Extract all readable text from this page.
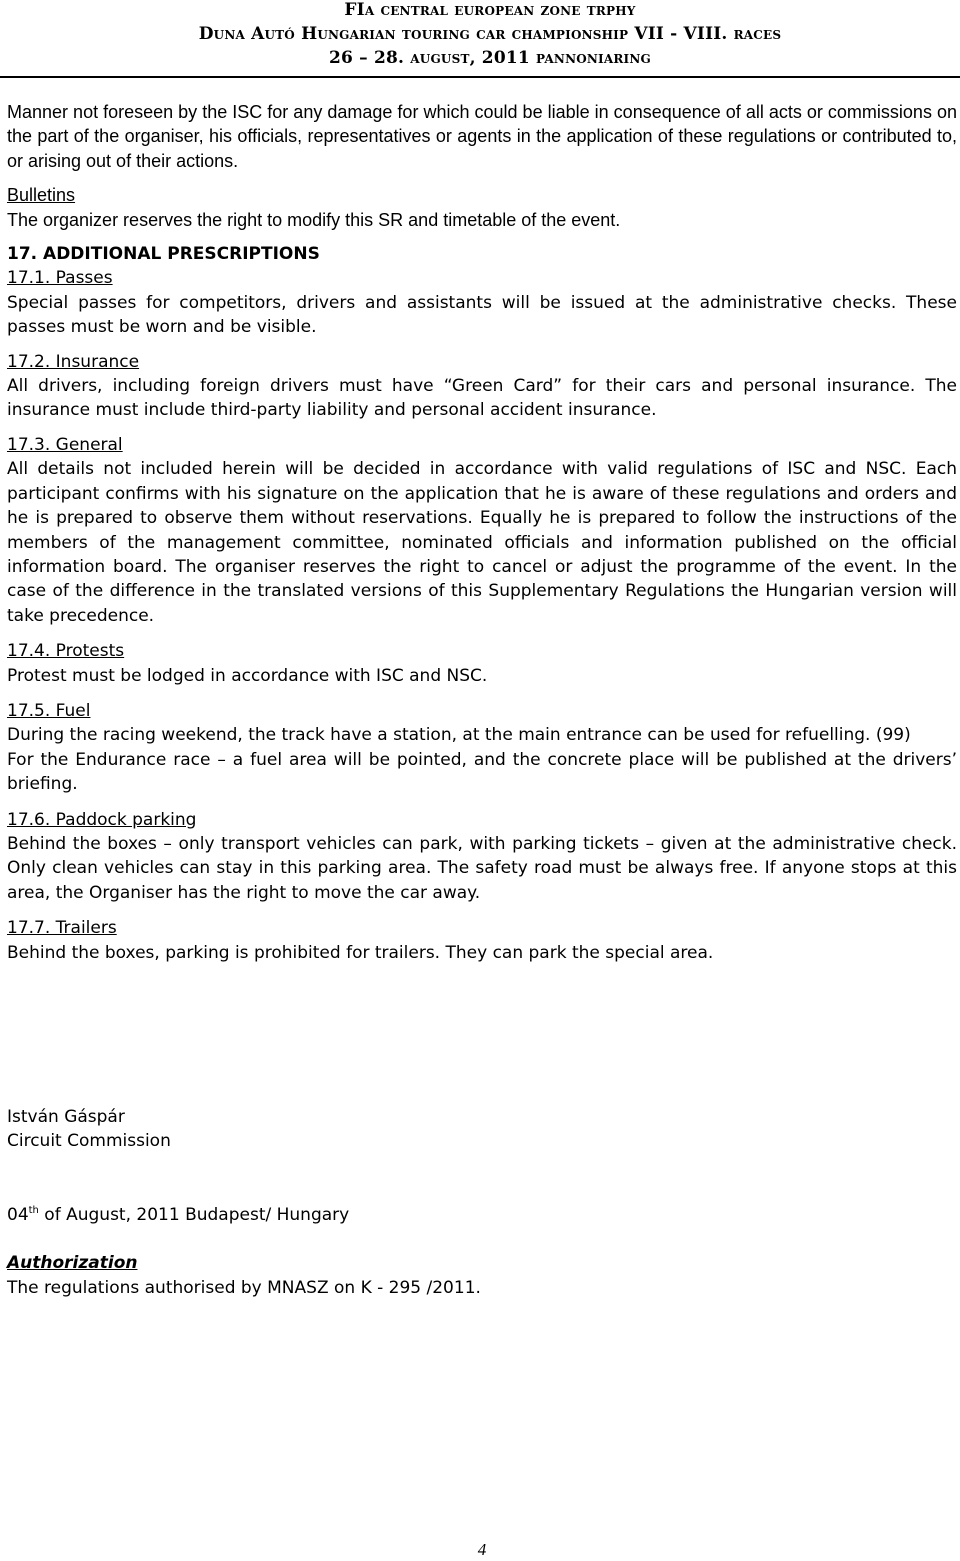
FIa central european zone trphy
Duna Autó Hungarian touring car championship VII - VIII. races
26 – 28. august, 2011 pannoniaring

Manner not foreseen by the ISC for any damage for which could be liable in consequence of all acts or commissions on the part of the organiser, his officials, representatives or agents in the application of these regulations or contributed to, or arising out of their actions.

Bulletins

The organizer reserves the right to modify this SR and timetable of the event.

17. ADDITIONAL PRESCRIPTIONS

17.1. Passes

Special passes for competitors, drivers and assistants will be issued at the administrative checks. These passes must be worn and be visible.

17.2. Insurance

All drivers, including foreign drivers must have “Green Card” for their cars and personal insurance. The insurance must include third-party liability and personal accident insurance.

17.3. General

All details not included herein will be decided in accordance with valid regulations of ISC and NSC. Each participant confirms with his signature on the application that he is aware of these regulations and orders and he is prepared to observe them without reservations. Equally he is prepared to follow the instructions of the members of the management committee, nominated officials and information published on the official information board. The organiser reserves the right to cancel or adjust the programme of the event. In the case of the difference in the translated versions of this Supplementary Regulations the Hungarian version will take precedence.

17.4. Protests

Protest must be lodged in accordance with ISC and NSC.

17.5. Fuel

During the racing weekend, the track have a station, at the main entrance can be used for refuelling. (99)

For the Endurance race – a fuel area will be pointed, and the concrete place will be published at the drivers’ briefing.

17.6. Paddock parking

Behind the boxes – only transport vehicles can park, with parking tickets – given at the administrative check. Only clean vehicles can stay in this parking area. The safety road must be always free. If anyone stops at this area, the Organiser has the right to move the car away.

17.7. Trailers

Behind the boxes, parking is prohibited for trailers. They can park the special area.

István Gáspár

Circuit Commission

04th of August, 2011 Budapest/ Hungary

Authorization

The regulations authorised by MNASZ on K - 295 /2011.

4
